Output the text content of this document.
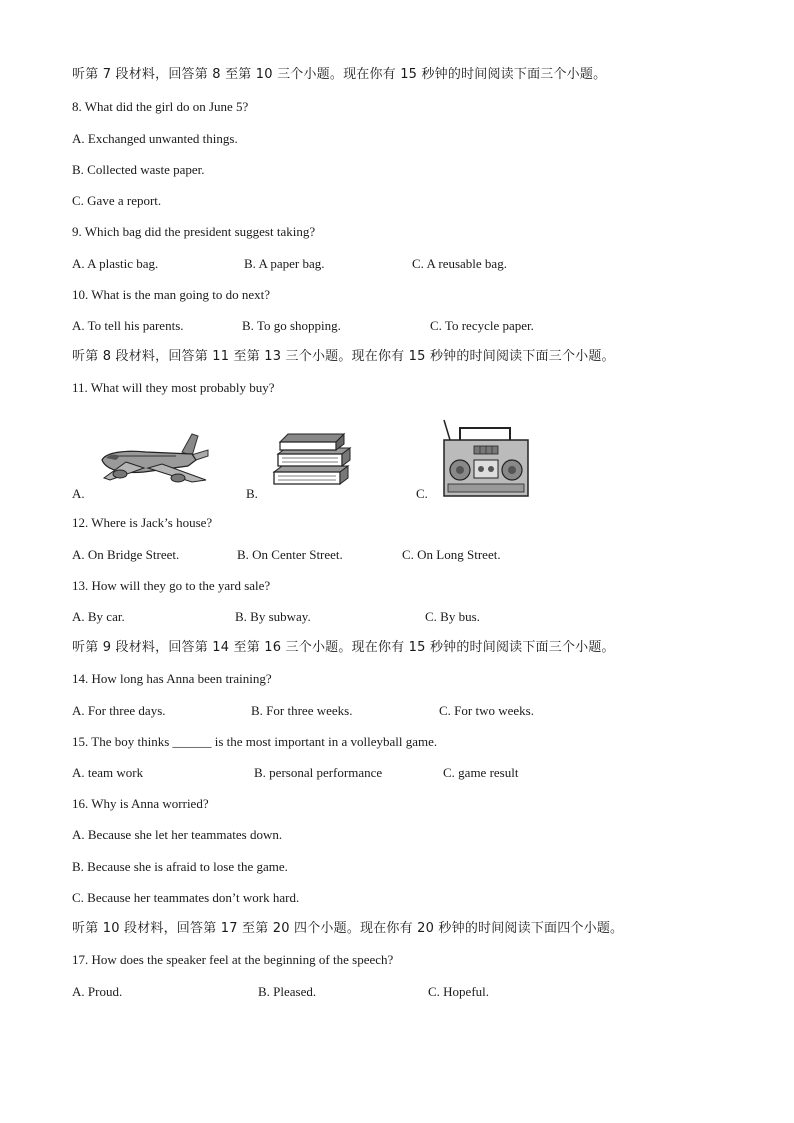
听第 7 段材料，回答第 8 至第 10 三个小题。现在你有 15 秒钟的时间阅读下面三个小题。
8. What did the girl do on June 5?
A. Exchanged unwanted things.
B. Collected waste paper.
C. Gave a report.
9. Which bag did the president suggest taking?
A. A plastic bag.	B. A paper bag.	C. A reusable bag.
10. What is the man going to do next?
A. To tell his parents.	B. To go shopping.	C. To recycle paper.
听第 8 段材料，回答第 11 至第 13 三个小题。现在你有 15 秒钟的时间阅读下面三个小题。
11. What will they most probably buy?
A.	B.	C.
12. Where is Jack’s house?
A. On Bridge Street.	B. On Center Street.	C. On Long Street.
13. How will they go to the yard sale?
A. By car.	B. By subway.	C. By bus.
听第 9 段材料，回答第 14 至第 16 三个小题。现在你有 15 秒钟的时间阅读下面三个小题。
14. How long has Anna been training?
A. For three days.	B. For three weeks.	C. For two weeks.
15. The boy thinks ______ is the most important in a volleyball game.
A. team work	B. personal performance	C. game result
16. Why is Anna worried?
A. Because she let her teammates down.
B. Because she is afraid to lose the game.
C. Because her teammates don’t work hard.
听第 10 段材料，回答第 17 至第 20 四个小题。现在你有 20 秒钟的时间阅读下面四个小题。
17. How does the speaker feel at the beginning of the speech?
A. Proud.	B. Pleased.	C. Hopeful.
